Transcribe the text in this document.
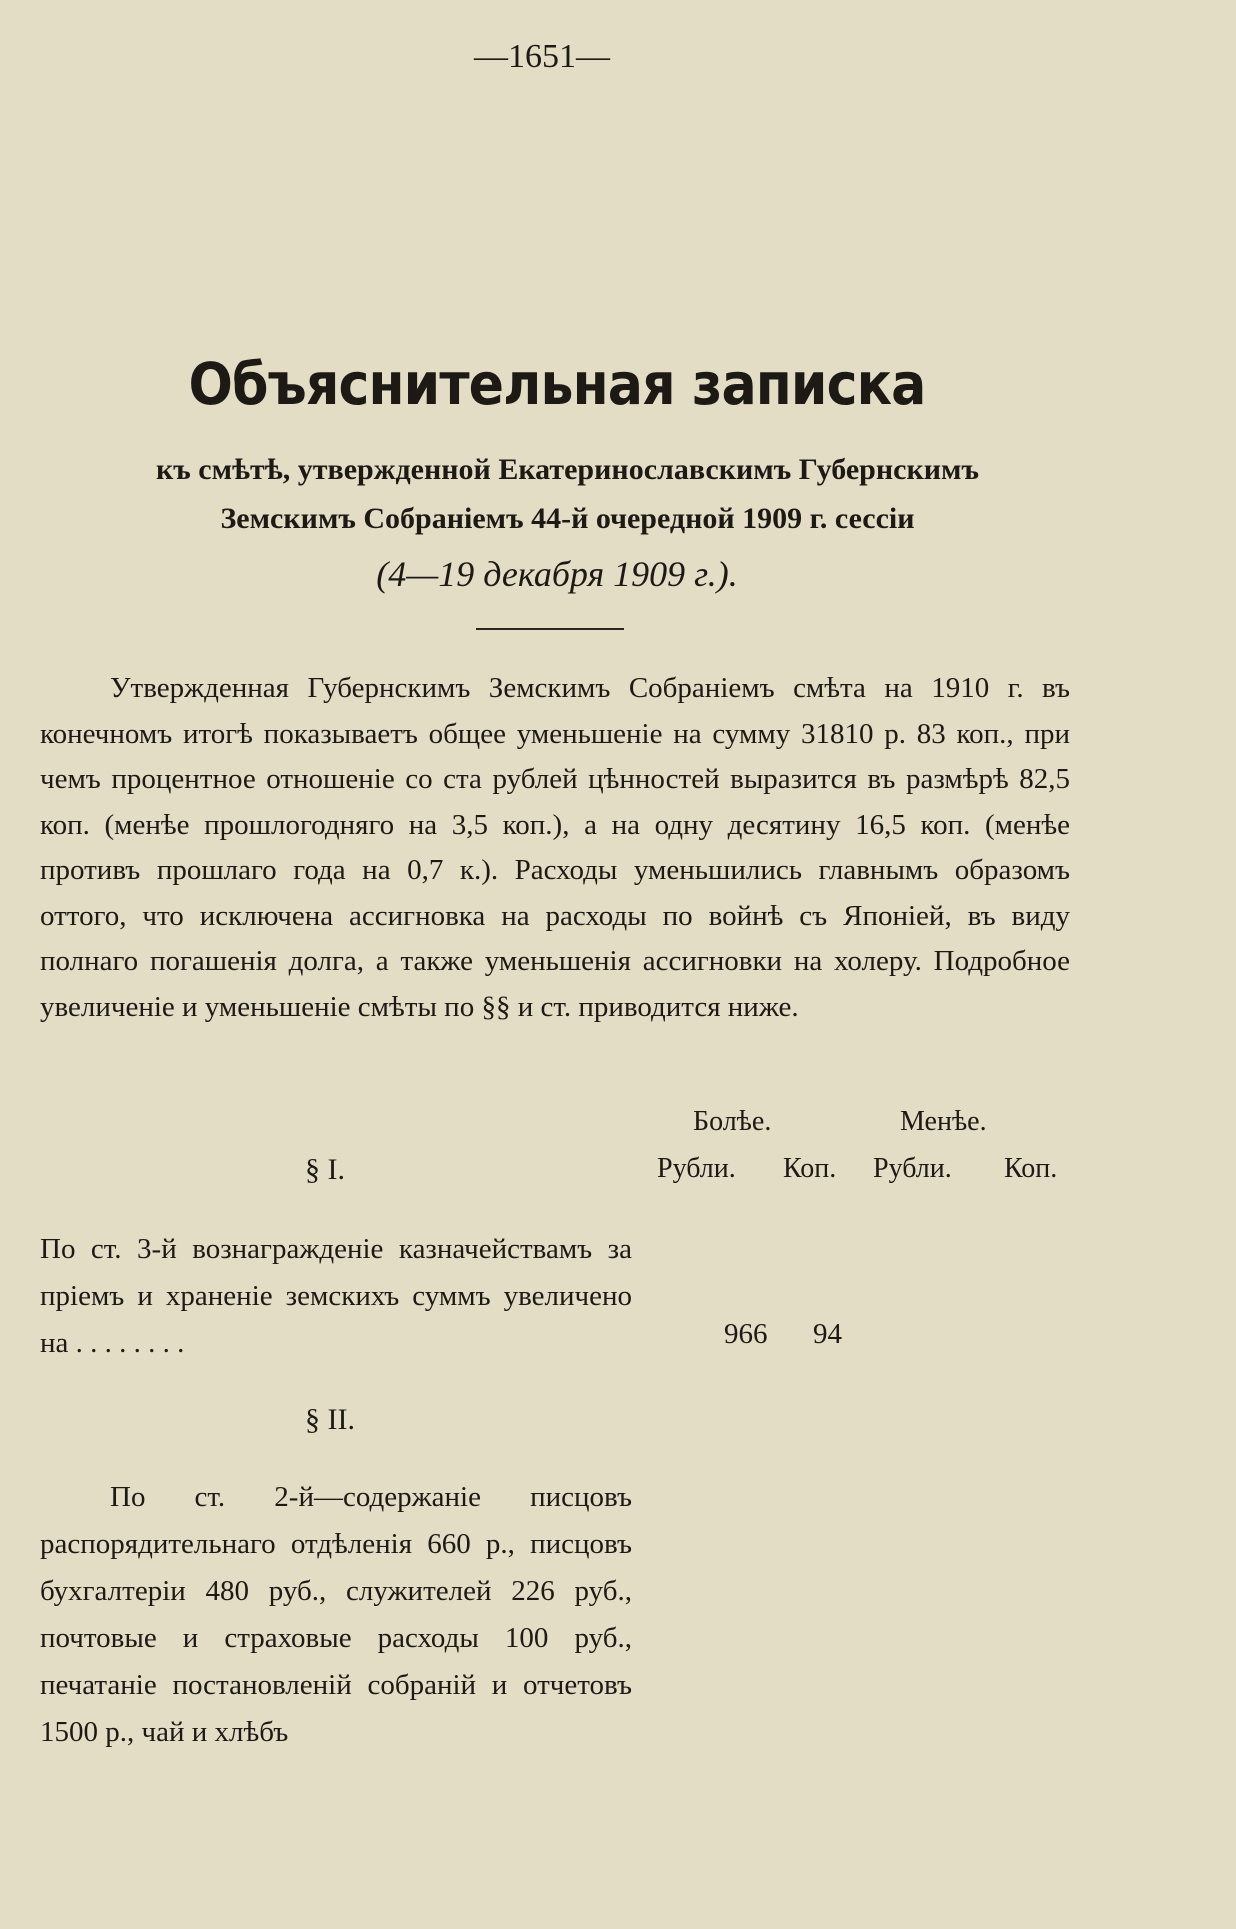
—1651—
Объяснительная записка
къ смѣтѣ, утвержденной Екатеринославскимъ Губернскимъ
Земскимъ Собраніемъ 44-й очередной 1909 г. сессіи
(4—19 декабря 1909 г.).
Утвержденная Губернскимъ Земскимъ Собраніемъ смѣта на 1910 г. въ конечномъ итогѣ показываетъ общее уменьшеніе на сумму 31810 р. 83 коп., при чемъ процентное отношеніе со ста рублей цѣнностей выразится въ размѣрѣ 82,5 коп. (менѣе прошлогодняго на 3,5 коп.), а на одну десятину 16,5 коп. (менѣе противъ прошлаго года на 0,7 к.). Расходы уменьшились главнымъ образомъ оттого, что исключена ассигновка на расходы по войнѣ съ Японіей, въ виду полнаго погашенія долга, а также уменьшенія ассигновки на холеру. Подробное увеличеніе и уменьшеніе смѣты по §§ и ст. приводится ниже.
Болѣе.	Менѣе.
Рубли. Коп. Рубли. Коп.
§ I.
По ст. 3-й вознагражденіе казначействамъ за пріемъ и храненіе земскихъ суммъ увеличено на . . . . . . . .	966 94
§ II.
По ст. 2-й—содержаніе писцовъ распорядительнаго отдѣленія 660 р., писцовъ бухгалтеріи 480 руб., служителей 226 руб., почтовые и страховые расходы 100 руб., печатаніе постановленій собраній и отчетовъ 1500 р., чай и хлѣбъ
